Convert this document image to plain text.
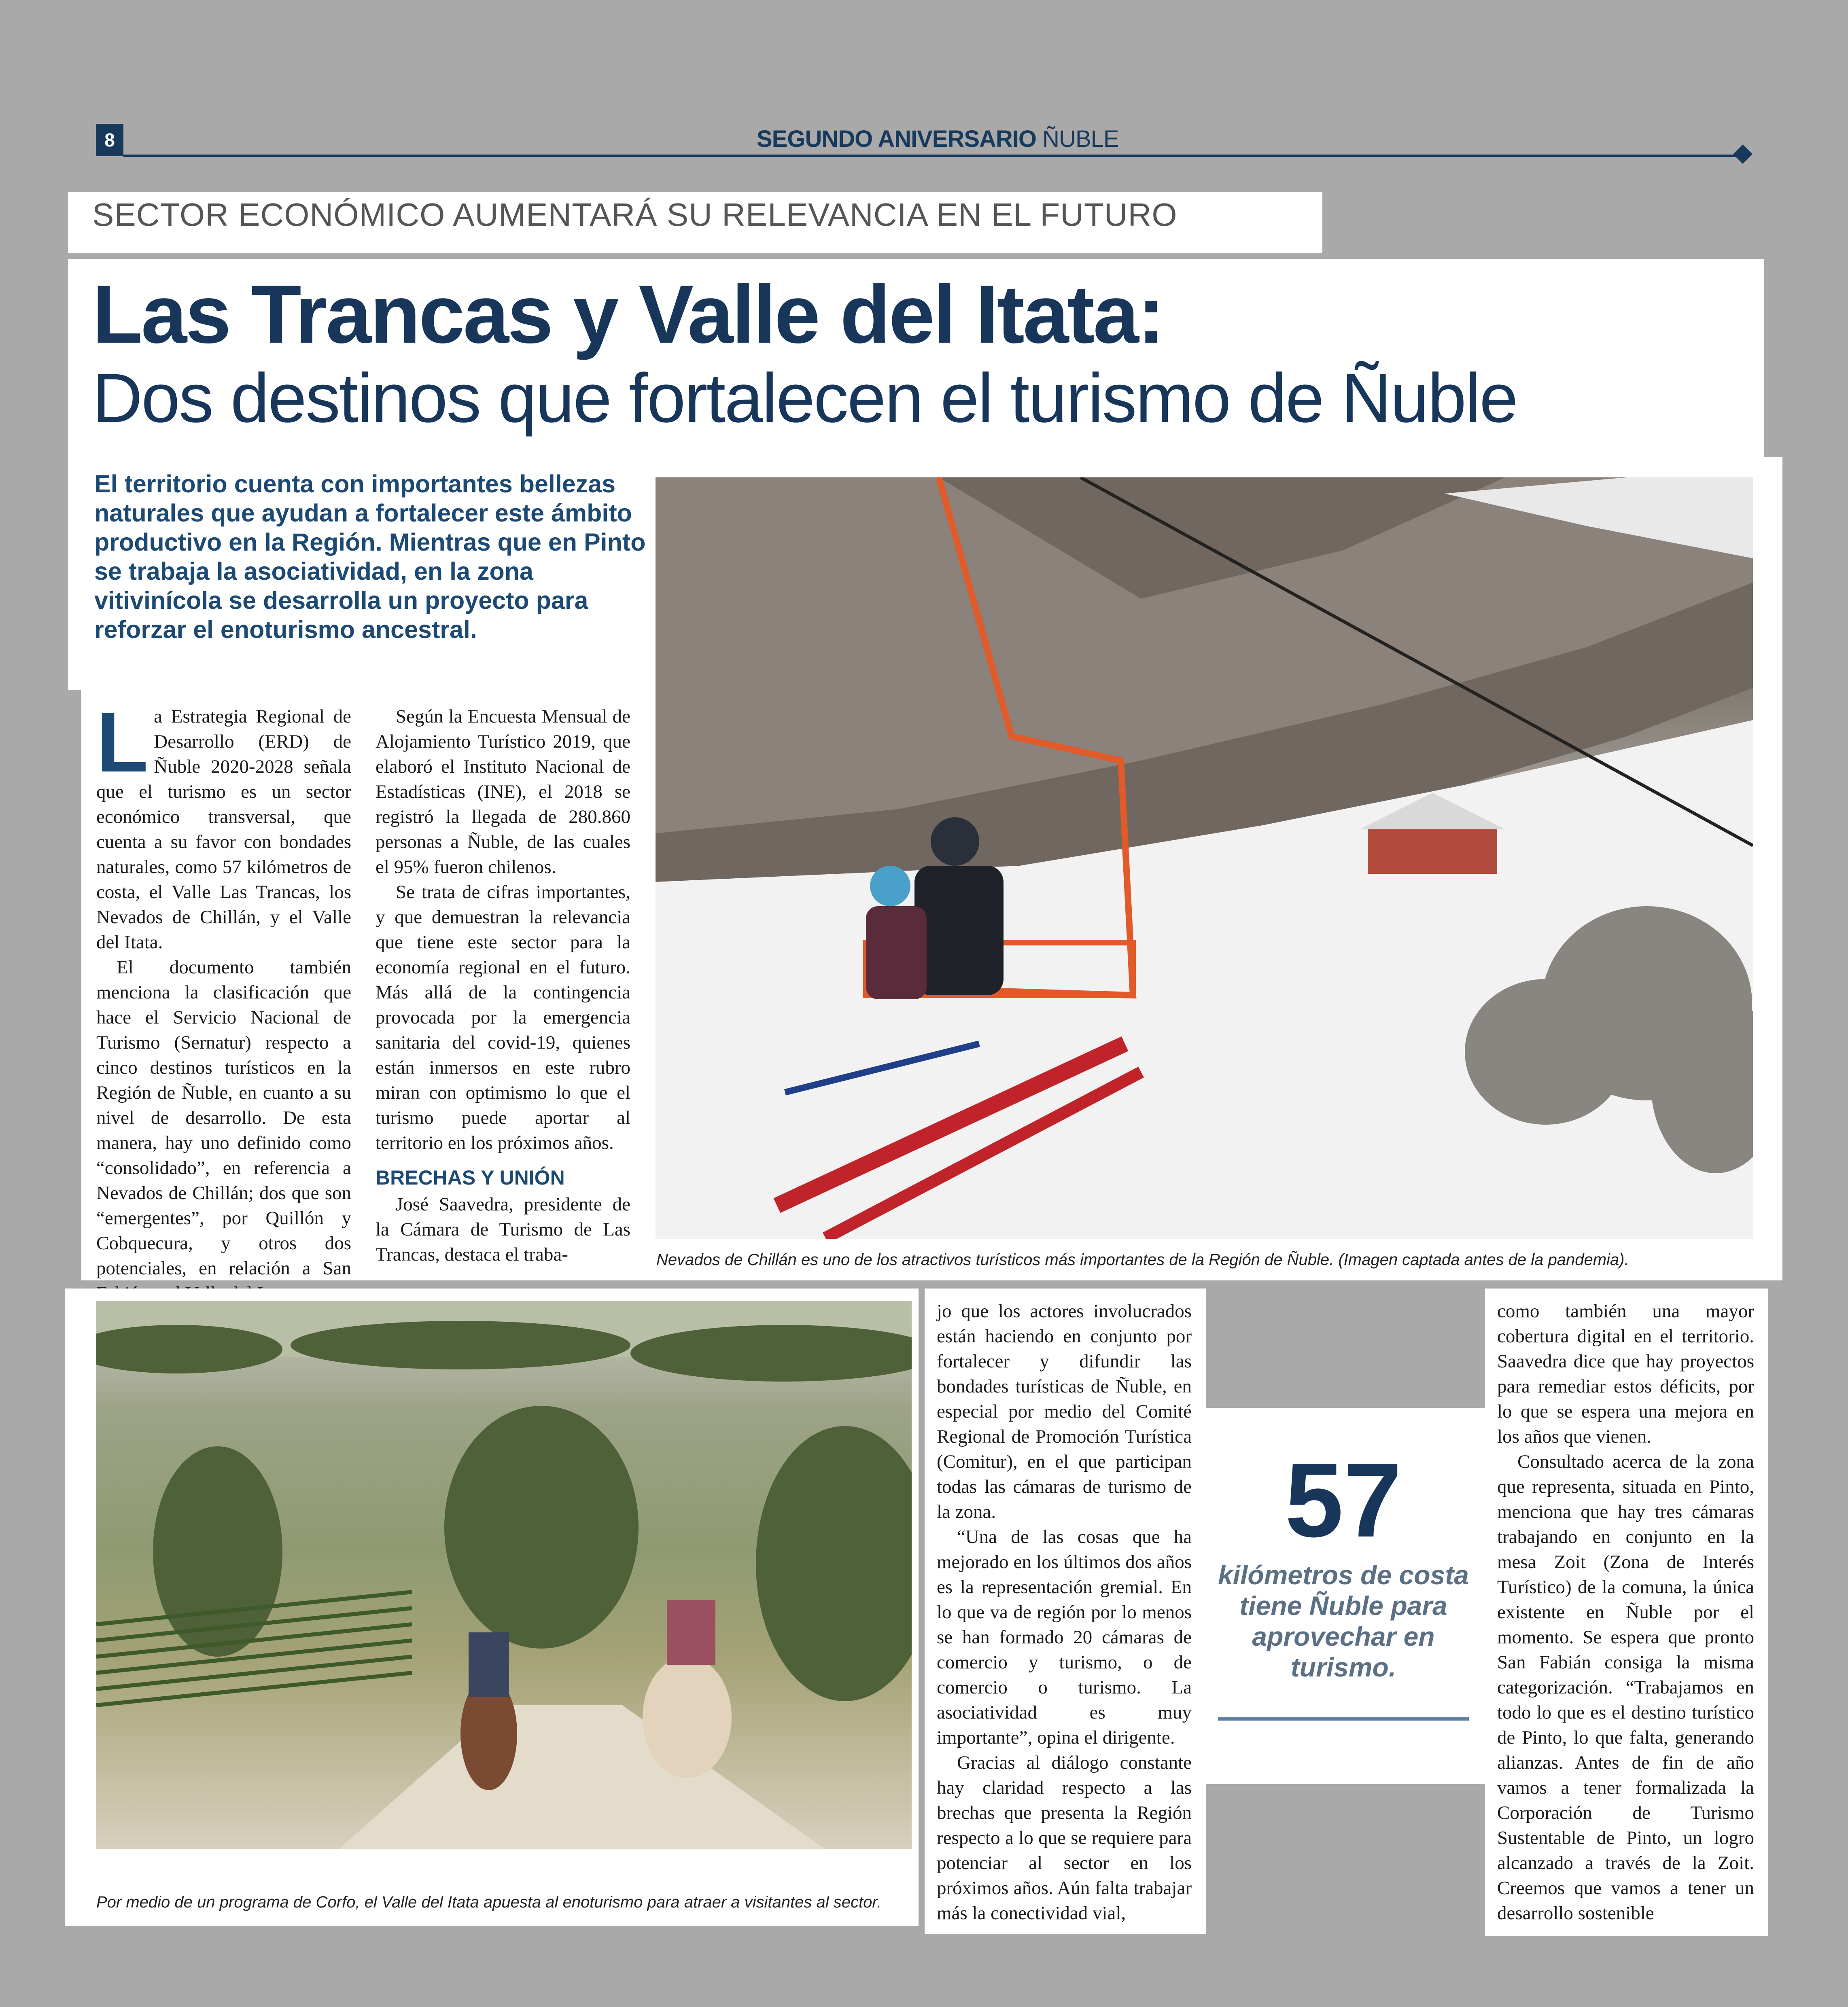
8	SEGUNDO ANIVERSARIO ÑUBLE
SECTOR ECONÓMICO AUMENTARÁ SU RELEVANCIA EN EL FUTURO
Las Trancas y Valle del Itata:
Dos destinos que fortalecen el turismo de Ñuble
El territorio cuenta con importantes bellezas naturales que ayudan a fortalecer este ámbito productivo en la Región. Mientras que en Pinto se trabaja la asociatividad, en la zona vitivinícola se desarrolla un proyecto para reforzar el enoturismo ancestral.
L a Estrategia Regional de Desarrollo (ERD) de Ñuble 2020-2028 señala que el turismo es un sector económico transversal, que cuenta a su favor con bondades naturales, como 57 kilómetros de costa, el Valle Las Trancas, los Nevados de Chillán, y el Valle del Itata.

El documento también menciona la clasificación que hace el Servicio Nacional de Turismo (Sernatur) respecto a cinco destinos turísticos en la Región de Ñuble, en cuanto a su nivel de desarrollo. De esta manera, hay uno definido como “consolidado”, en referencia a Nevados de Chillán; dos que son “emergentes”, por Quillón y Cobquecura, y otros dos potenciales, en relación a San

Según la Encuesta Mensual de Alojamiento Turístico 2019, que elaboró el Instituto Nacional de Estadísticas (INE), el 2018 se registró la llegada de 280.860 personas a Ñuble, de las cuales el 95% fueron chilenos.

Se trata de cifras importantes, y que demuestran la relevancia que tiene este sector para la economía regional en el futuro. Más allá de la contingencia provocada por la emergencia sanitaria del covid-19, quienes están inmersos en este rubro miran con optimismo lo que el turismo puede aportar al territorio en los próximos años.

BRECHAS Y UNIÓN

José Saavedra, presidente de la Cámara de Turismo de Las Trancas, destaca el traba-	Nevados de Chillán es uno de los atractivos turísticos más importantes de la Región de Ñuble. (Imagen captada antes de la pandemia).
Por medio de un programa de Corfo, el Valle del Itata apuesta al enoturismo para atraer a visitantes al sector.

jo que los actores involucrados están haciendo en conjunto por fortalecer y difundir las bondades turísticas de Ñuble, en especial por medio del Comité Regional de Promoción Turística (Comitur), en el que participan todas las cámaras de turismo de la zona.

“Una de las cosas que ha mejorado en los últimos dos años es la representación gremial. En lo que va de región por lo menos se han formado 20 cámaras de comercio y turismo, o de comercio o turismo. La asociatividad es muy importante”, opina el dirigente.

Gracias al diálogo constante hay claridad respecto a las brechas que presenta la Región respecto a lo que se requiere para potenciar al sector en los próximos años. Aún falta trabajar más la conectividad vial,

57
kilómetros de costa tiene Ñuble para aprovechar en turismo.

como también una mayor cobertura digital en el territorio. Saavedra dice que hay proyectos para remediar estos déficits, por lo que se espera una mejora en los años que vienen.

Consultado acerca de la zona que representa, situada en Pinto, menciona que hay tres cámaras trabajando en conjunto en la mesa Zoit (Zona de Interés Turístico) de la comuna, la única existente en Ñuble por el momento. Se espera que pronto San Fabián consiga la misma categorización. “Trabajamos en todo lo que es el destino turístico de Pinto, lo que falta, generando alianzas. Antes de fin de año vamos a tener formalizada la Corporación de Turismo Sustentable de Pinto, un logro alcanzado a través de la Zoit. Creemos que vamos a tener un desarrollo sostenible
